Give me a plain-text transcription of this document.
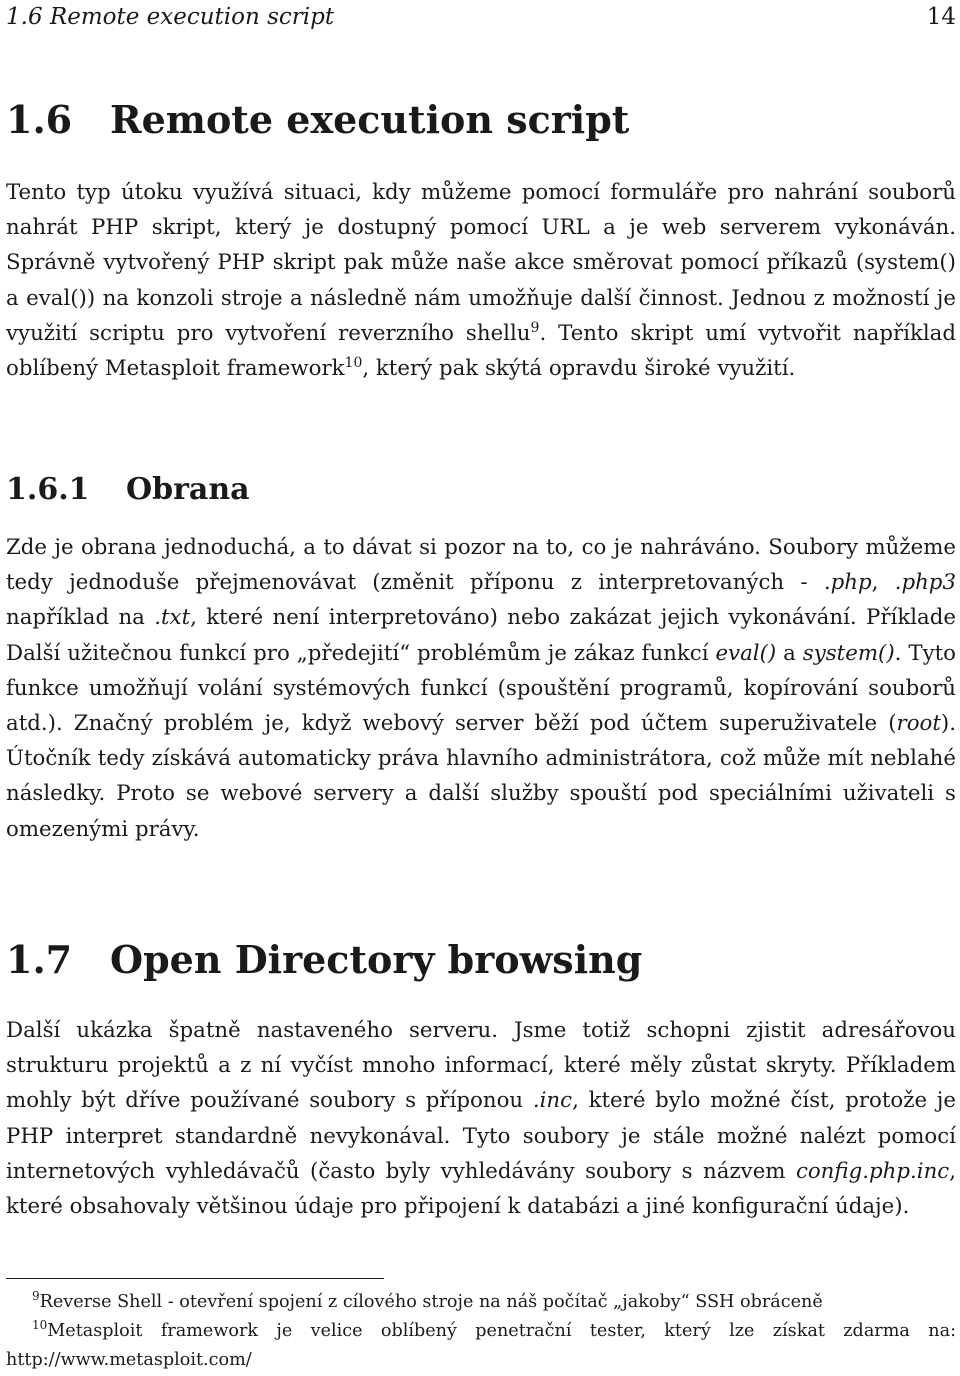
1.6 Remote execution script	14
1.6 Remote execution script

Tento typ útoku využívá situaci, kdy můžeme pomocí formuláře pro nahrání souborů nahrát PHP skript, který je dostupný pomocí URL a je web serverem vykonáván. Správně vytvořený PHP skript pak může naše akce směrovat pomocí příkazů (system() a eval()) na konzoli stroje a následně nám umožňuje další činnost. Jednou z možností je využití scriptu pro vytvoření reverzního shellu$^9$. Tento skript umí vytvořit například oblíbený Metasploit framework$^{10}$, který pak skýtá opravdu široké využití.

1.6.1 Obrana

Zde je obrana jednoduchá, a to dávat si pozor na to, co je nahráváno. Soubory můžeme tedy jednoduše přejmenovávat (změnit příponu z interpretovaných - .php, .php3 například na .txt, které není interpretováno) nebo zakázat jejich vykonávání. Příklade Další užitečnou funkcí pro „předejití“ problémům je zákaz funkcí eval() a system(). Tyto funkce umožňují volání systémových funkcí (spouštění programů, kopírování souborů atd.). Značný problém je, když webový server běží pod účtem superuživatele (root). Útočník tedy získává automaticky práva hlavního administrátora, což může mít neblahé následky. Proto se webové servery a další služby spouští pod speciálními uživateli s omezenými právy.

1.7 Open Directory browsing

Další ukázka špatně nastaveného serveru. Jsme totiž schopni zjistit adresářovou strukturu projektů a z ní vyčíst mnoho informací, které měly zůstat skryty. Příkladem mohly být dříve používané soubory s příponou .inc, které bylo možné číst, protože je PHP interpret standardně nevykonával. Tyto soubory je stále možné nalézt pomocí internetových vyhledávačů (často byly vyhledávány soubory s názvem config.php.inc, které obsahovaly většinou údaje pro připojení k databázi a jiné konfigurační údaje).

$^9$Reverse Shell - otevření spojení z cílového stroje na náš počítač „jakoby“ SSH obráceně

$^{10}$Metasploit framework je velice oblíbený penetrační tester, který lze získat zdarma na: http://www.metasploit.com/
